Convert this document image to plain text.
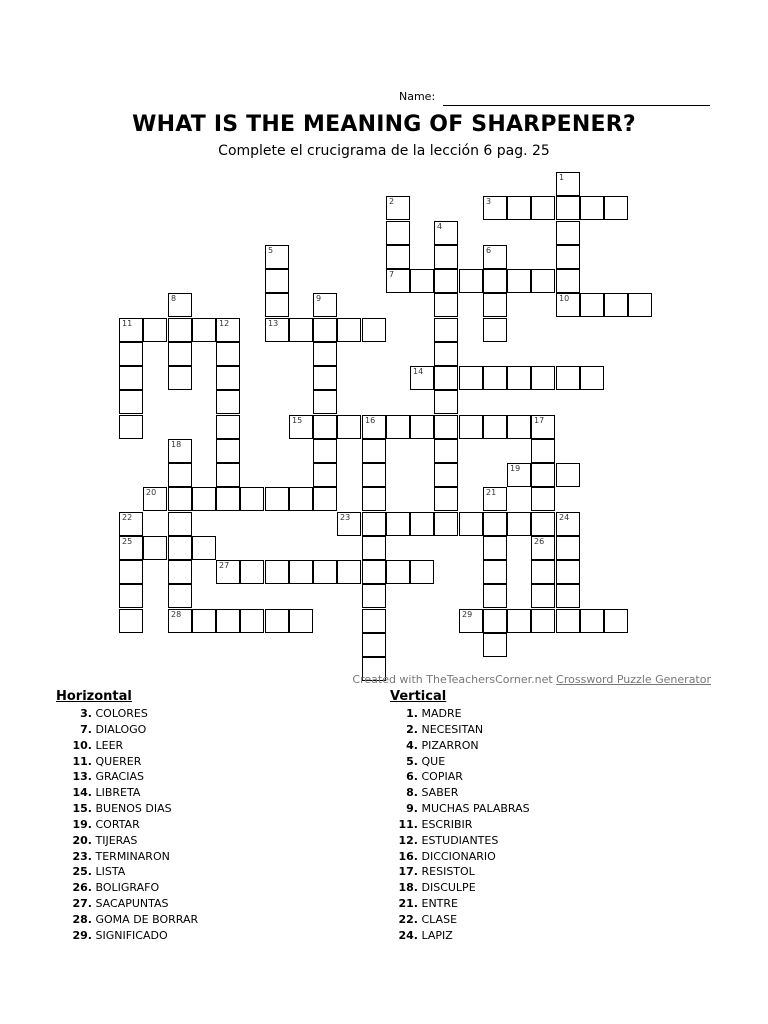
Name:
WHAT IS THE MEANING OF SHARPENER?
Complete el crucigrama de la lección 6 pag. 25
3
7
10
11	13
14
15	16	17
19
20
23	24
25	26
27
28	29
1
2
4
5	6
8	9
12
18
21
22
Created with TheTeachersCorner.net Crossword Puzzle Generator
Horizontal
3. COLORES
7. DIALOGO
10. LEER
11. QUERER
13. GRACIAS
14. LIBRETA
15. BUENOS DIAS
19. CORTAR
20. TIJERAS
23. TERMINARON
25. LISTA
26. BOLIGRAFO
27. SACAPUNTAS
28. GOMA DE BORRAR
29. SIGNIFICADO
Vertical
1. MADRE
2. NECESITAN
4. PIZARRON
5. QUE
6. COPIAR
8. SABER
9. MUCHAS PALABRAS
11. ESCRIBIR
12. ESTUDIANTES
16. DICCIONARIO
17. RESISTOL
18. DISCULPE
21. ENTRE
22. CLASE
24. LAPIZ
